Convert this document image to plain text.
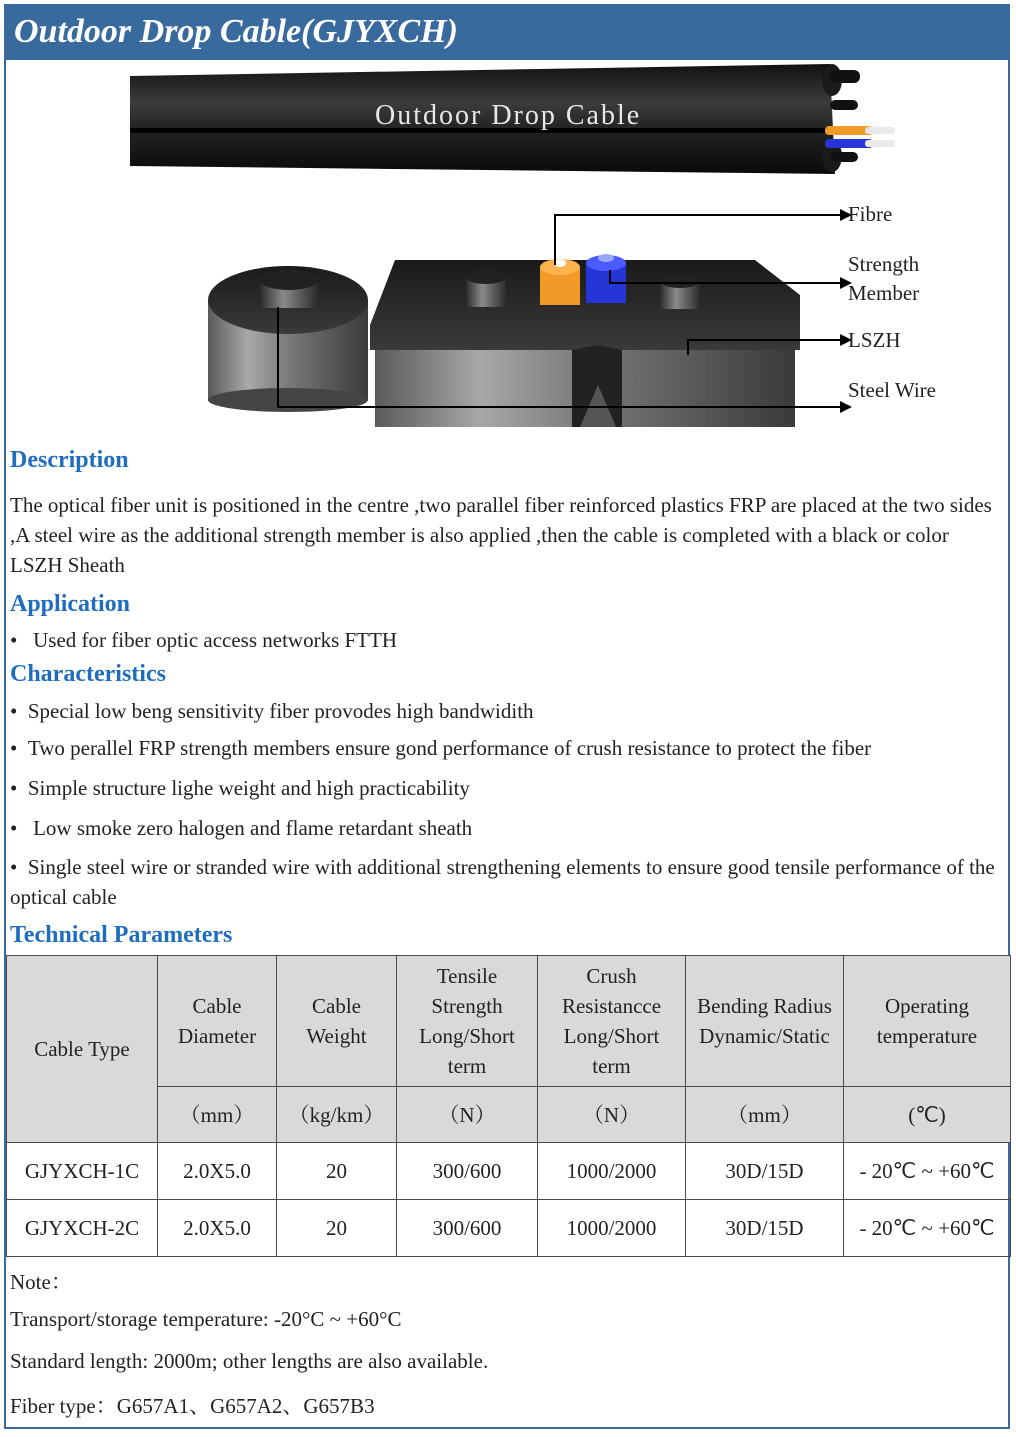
Outdoor Drop Cable(GJYXCH)
Outdoor Drop Cable
Fibre
Strength Member
LSZH
Steel Wire
Description
The optical fiber unit is positioned in the centre ,two parallel fiber reinforced plastics FRP are placed at the two sides ,A steel wire as the additional strength member is also applied ,then the cable is completed with a black or color LSZH Sheath
Application
•   Used for fiber optic access networks FTTH
Characteristics
•  Special low beng sensitivity fiber provodes high bandwidith
•  Two perallel FRP strength members ensure gond performance of crush resistance to protect the fiber
•  Simple structure lighe weight and high practicability
•   Low smoke zero halogen and flame retardant sheath
•  Single steel wire or stranded wire with additional strengthening elements to ensure good tensile performance of the optical cable
Technical Parameters
Cable Type	Cable Diameter	Cable Weight	Tensile Strength Long/Short term	Crush Resistancce Long/Short term	Bending Radius Dynamic/Static	Operating temperature

	（mm）	（kg/km）	（N）	（N）	（mm）	(℃)
GJYXCH-1C	2.0X5.0	20	300/600	1000/2000	30D/15D	- 20℃ ~ +60℃
GJYXCH-2C	2.0X5.0	20	300/600	1000/2000	30D/15D	- 20℃ ~ +60℃
Note：
Transport/storage temperature: -20°C ~ +60°C
Standard length: 2000m; other lengths are also available.
Fiber type：G657A1、G657A2、G657B3
